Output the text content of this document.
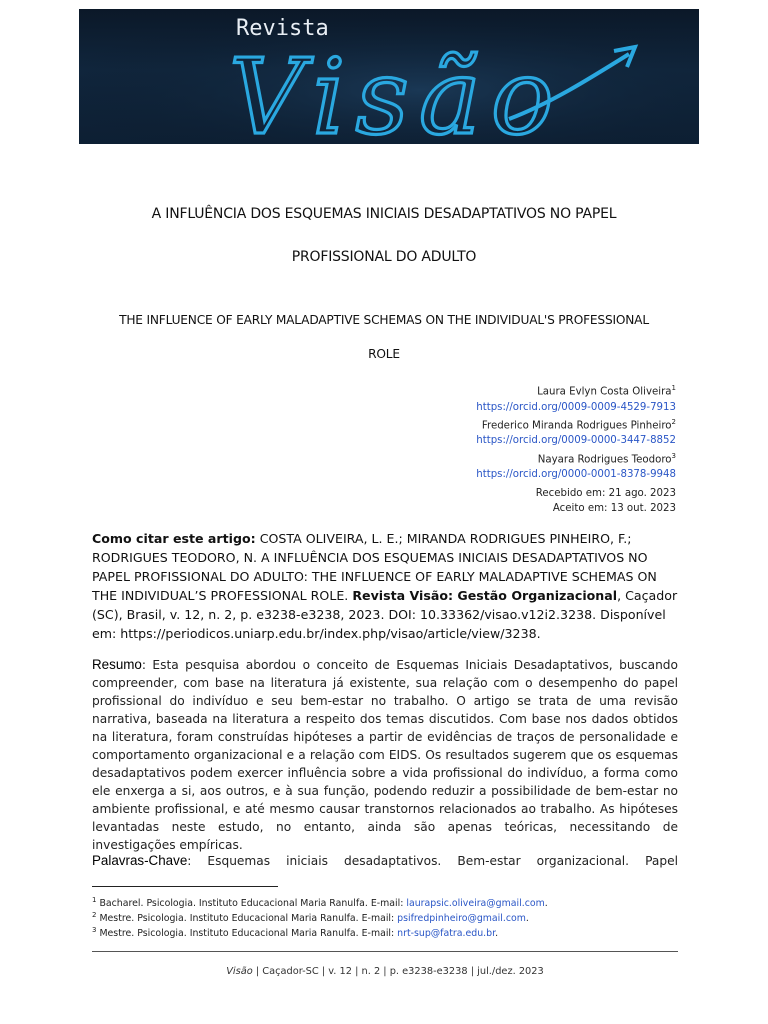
Revista
Visão
A INFLUÊNCIA DOS ESQUEMAS INICIAIS DESADAPTATIVOS NO PAPEL
PROFISSIONAL DO ADULTO
THE INFLUENCE OF EARLY MALADAPTIVE SCHEMAS ON THE INDIVIDUAL'S PROFESSIONAL
ROLE
Laura Evlyn Costa Oliveira$^1$
https://orcid.org/0009-0009-4529-7913
Frederico Miranda Rodrigues Pinheiro$^2$
https://orcid.org/0009-0000-3447-8852
Nayara Rodrigues Teodoro$^3$
https://orcid.org/0000-0001-8378-9948
Recebido em: 21 ago. 2023
Aceito em: 13 out. 2023
Como citar este artigo: COSTA OLIVEIRA, L. E.; MIRANDA RODRIGUES PINHEIRO, F.; RODRIGUES TEODORO, N. A INFLUÊNCIA DOS ESQUEMAS INICIAIS DESADAPTATIVOS NO PAPEL PROFISSIONAL DO ADULTO: THE INFLUENCE OF EARLY MALADAPTIVE SCHEMAS ON THE INDIVIDUAL’S PROFESSIONAL ROLE. Revista Visão: Gestão Organizacional, Caçador (SC), Brasil, v. 12, n. 2, p. e3238-e3238, 2023. DOI: 10.33362/visao.v12i2.3238. Disponível em: https://periodicos.uniarp.edu.br/index.php/visao/article/view/3238.
Resumo: Esta pesquisa abordou o conceito de Esquemas Iniciais Desadaptativos, buscando compreender, com base na literatura já existente, sua relação com o desempenho do papel profissional do indivíduo e seu bem-estar no trabalho. O artigo se trata de uma revisão narrativa, baseada na literatura a respeito dos temas discutidos. Com base nos dados obtidos na literatura, foram construídas hipóteses a partir de evidências de traços de personalidade e comportamento organizacional e a relação com EIDS. Os resultados sugerem que os esquemas desadaptativos podem exercer influência sobre a vida profissional do indivíduo, a forma como ele enxerga a si, aos outros, e à sua função, podendo reduzir a possibilidade de bem-estar no ambiente profissional, e até mesmo causar transtornos relacionados ao trabalho. As hipóteses levantadas neste estudo, no entanto, ainda são apenas teóricas, necessitando de investigações empíricas.
Palavras-Chave: Esquemas iniciais desadaptativos. Bem-estar organizacional. Papel
$^1$ Bacharel. Psicologia. Instituto Educacional Maria Ranulfa. E-mail: laurapsic.oliveira@gmail.com.
$^2$ Mestre. Psicologia. Instituto Educacional Maria Ranulfa. E-mail: psifredpinheiro@gmail.com.
$^3$ Mestre. Psicologia. Instituto Educacional Maria Ranulfa. E-mail: nrt-sup@fatra.edu.br.
Visão | Caçador-SC | v. 12 | n. 2 | p. e3238-e3238 | jul./dez. 2023
